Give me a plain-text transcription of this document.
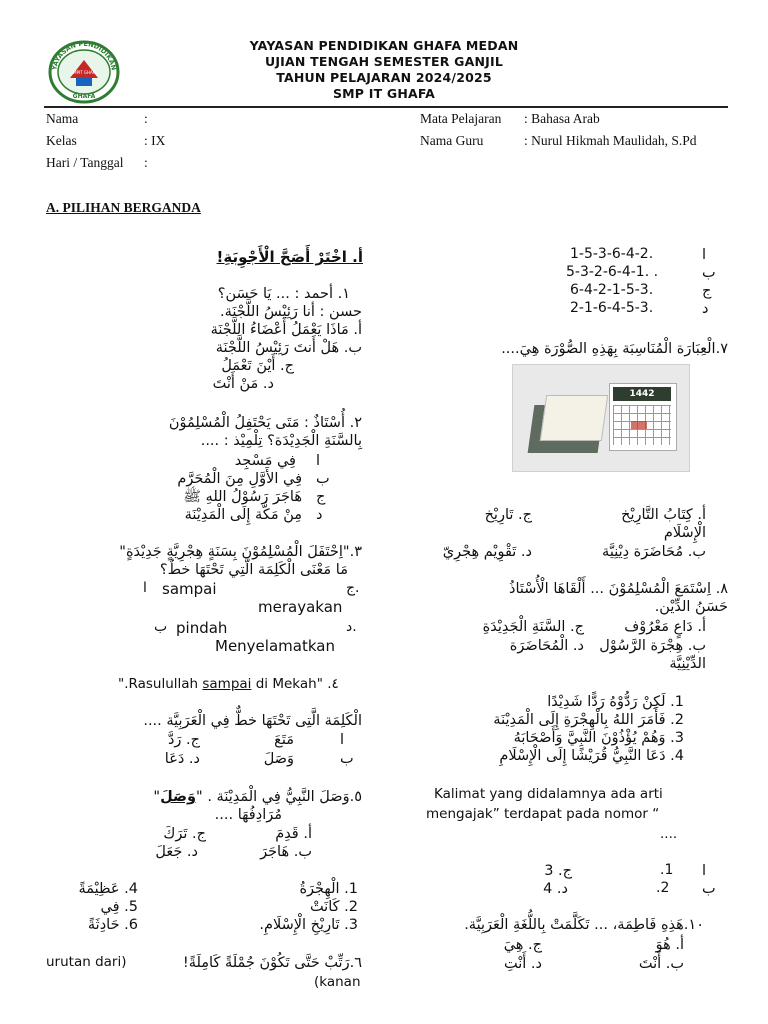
YAYASAN PENDIDIKAN GHAFA MEDAN
UJIAN TENGAH SEMESTER GANJIL
TAHUN PELAJARAN 2024/2025
SMP IT GHAFA
YAYASAN PENDIDIKAN
SMPIT GHAFA
GHAFA
Nama	:
Kelas	: IX
Hari / Tanggal :
Mata Pelajaran : Bahasa Arab
Nama Guru	: Nurul Hikmah Maulidah, S.Pd
A. PILIHAN BERGANDA
أ. اخْتَرْ أَصَحَّ الْأَجْوِبَةِ!
١. أحمد : ... يَا حَسَن؟
حسن : أنا رَئِيْسُ اللَّجْنَة.
أ. مَاذَا يَعْمَلُ أَعْضَاءُ اللَّجْنَة
ب. هَلْ أَنتَ رَئِيْسُ اللَّجْنَة
ج. أَيْنَ تَعْمَلُ
د. مَنْ أَنْتَ
٢. أُسْتَاذٌ : مَتَى يَحْتَفِلُ الْمُسْلِمُوْنَ
بِالسَّنَةِ الْجَدِيْدَة؟ تِلْمِيْذ : ....
ا
فِي مَسْجِد
ب
فِي الأَوَّلِ مِنَ الْمُحَرَّم
ج
هَاجَرَ رَسُوْلُ اللهِ ﷺ
د
مِنْ مَكَّة إِلَى الْمَدِيْنَة
٣."اِحْتَفَلَ الْمُسْلِمُوْنَ بِسَنَةٍ هِجْرِيَّةٍ جَدِيْدَةٍ"
مَا مَعْنَى الْكَلِمَة الَّتِي تَحْتَهَا خطٌ؟
ا sampai	ج.
merayakan
ب pindah	د.
Menyelamatkan
".Rasulullah sampai di Mekah" .٤
الْكَلِمَة الَّتِى تَحْتَهَا خطٌّ فِي الْعَرَبِيَّة ....
ا
مَتَعَ
ج. رَدَّ
ب
وَصَلَ
د. دَعَا
٥.وَصَلَ النَّبِيُّ فِي الْمَدِيْنَة . "وَصَلَ"
مُرَادِفُهَا ....
أ. قَدِمَ
ج. تَرَكَ
ب. هَاجَرَ
د. جَعَلَ
1. الْهِجْرَةُ
4. عَظِيْمَةً
2. كَانَتْ
5. فِي
3. تَارِيْخِ الْإِسْلَامِ.
6. حَادِثَةً
٦.رَتِّبْ حَتَّى تَكُوْنَ جُمْلَةً كَامِلَةً!
urutan dari)
(kanan
1-5-3-6-4-2.	ا
5-3-2-6-4-1. .	ب
6-4-2-1-5-3.	ج
2-1-6-4-5-3.	د
٧.الْعِبَارَة الْمُنَاسِبَة بِهَذِهِ الصُّوْرَة هِيَ....
1442
أ. كِتَابُ التَّارِيْخ
ج. تَارِيْخ
الْإِسْلَام
ب. مُحَاضَرَة دِيْنِيَّة
د. تَقْوِيْم هِجْرِيّ
٨. اِسْتَمَعَ الْمُسْلِمُوْنَ ... أَلْقَاهَا الْأُسْتَاذُ
حَسَنُ الدِّيْن.
أ. دَاعٍ مَعْرُوْف
ج. السَّنَةِ الْجَدِيْدَةِ
ب. هِجْرَة الرَّسُوْل
د. الْمُحَاضَرَة
الدِّيْنِيَّة
1. لَكِنْ رَدُّوْهُ رَدًّا شَدِيْدًا
2. فَأَمَرَ اللهُ بِالْهِجْرَةِ إِلَى الْمَدِيْنَة
3. وَهُمْ يُؤْذُوْنَ النَّبِيَّ وَأَصْحَابَهُ
4. دَعَا النَّبِيُّ قُرَيْشًا إِلَى الْإِسْلَامِ
Kalimat yang didalamnya ada arti
mengajak” terdapat pada nomor “
....
ا
.1
ج. 3
ب
.2
د. 4
١٠.هَذِهِ فَاطِمَة، ... تَكَلَّمَتْ بِاللُّغَةِ الْعَرَبِيَّة.
أ. هُوَ
ج. هِيَ
ب. أَنْتَ
د. أَنْتِ
